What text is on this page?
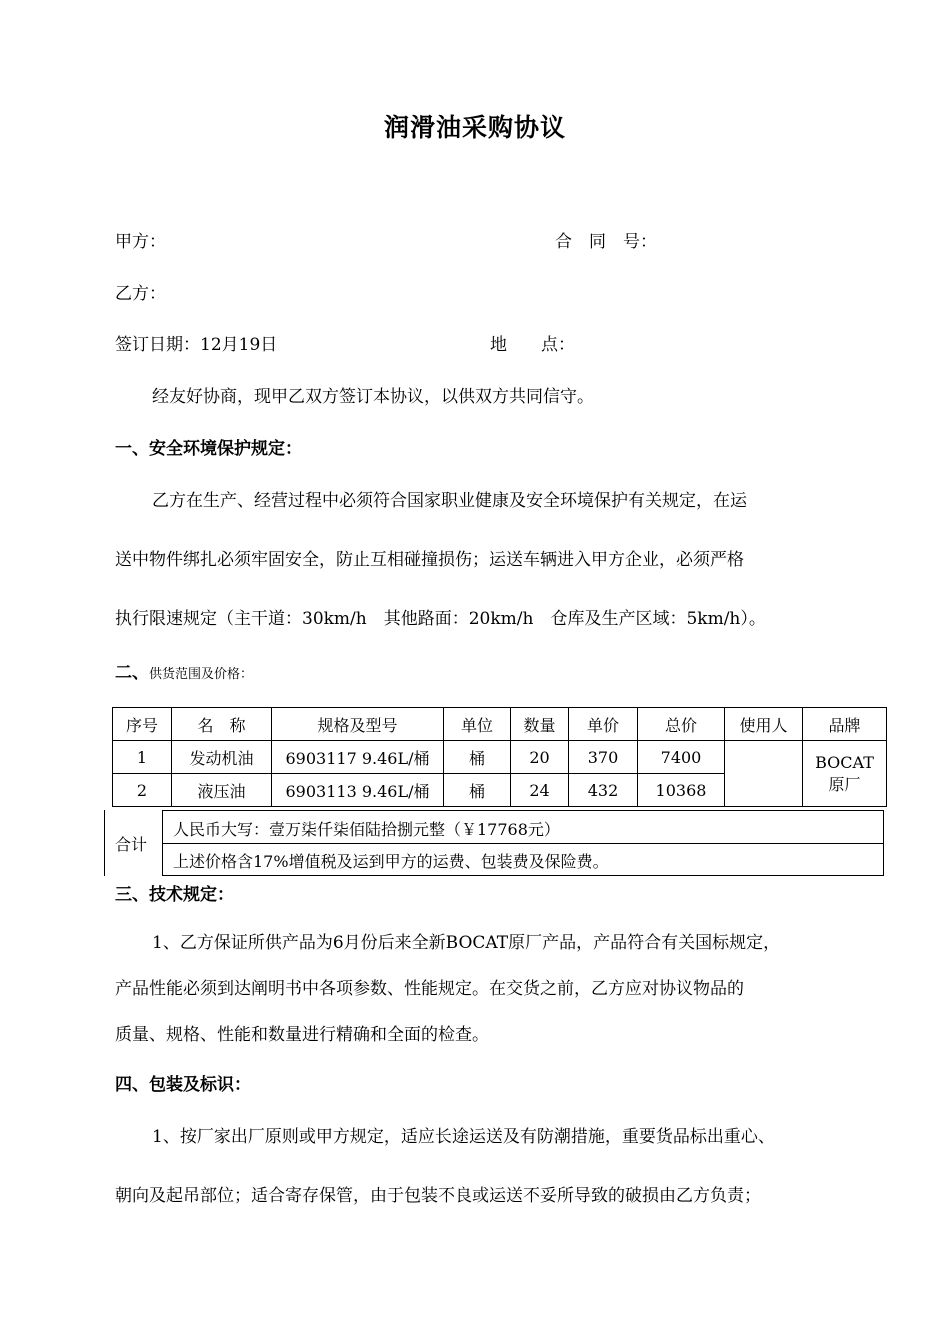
润滑油采购协议
甲方：	合　同　号：
乙方：
签订日期：12月19日	地　　点：
经友好协商，现甲乙双方签订本协议，以供双方共同信守。
一、安全环境保护规定：
乙方在生产、经营过程中必须符合国家职业健康及安全环境保护有关规定，在运
送中物件绑扎必须牢固安全，防止互相碰撞损伤；运送车辆进入甲方企业，必须严格
执行限速规定（主干道：30km/h　其他路面：20km/h　仓库及生产区域：5km/h）。
二、供货范围及价格：
序号	名　称	规格及型号	单位	数量	单价	总价	使用人	品牌
1	发动机油	6903117 9.46L/桶	桶	20	370	7400		BOCAT
原厂

2	液压油	6903113 9.46L/桶	桶	24	432	10368		
合计
人民币大写：壹万柒仟柒佰陆拾捌元整（￥17768元）
上述价格含17%增值税及运到甲方的运费、包装费及保险费。
三、技术规定：
1、乙方保证所供产品为6月份后来全新BOCAT原厂产品，产品符合有关国标规定，
产品性能必须到达阐明书中各项参数、性能规定。在交货之前，乙方应对协议物品的
质量、规格、性能和数量进行精确和全面的检查。
四、包装及标识：
1、按厂家出厂原则或甲方规定，适应长途运送及有防潮措施，重要货品标出重心、
朝向及起吊部位；适合寄存保管，由于包装不良或运送不妥所导致的破损由乙方负责；
